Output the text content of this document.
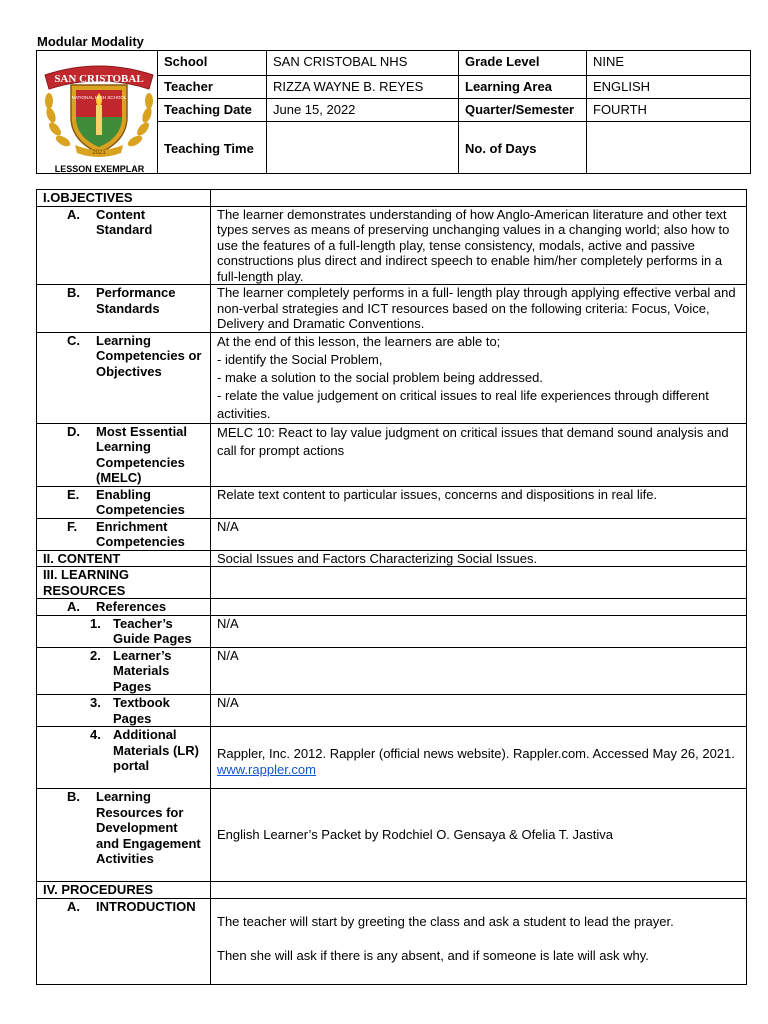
Modular Modality
SAN CRISTOBAL
NATIONAL HIGH SCHOOL
2021
LESSON EXEMPLAR	School	SAN CRISTOBAL NHS	Grade Level	NINE
	Teacher	RIZZA WAYNE B. REYES	Learning Area	ENGLISH
	Teaching Date	June 15, 2022	Quarter/Semester	FOURTH
	Teaching Time		No. of Days	
I.OBJECTIVES	

A. Content Standard	The learner demonstrates understanding of how Anglo-American literature and other text types serves as means of preserving unchanging values in a changing world; also how to use the features of a full-length play, tense consistency, modals, active and passive constructions plus direct and indirect speech to enable him/her completely performs in a full-length play.

B. Performance Standards	The learner completely performs in a full- length play through applying effective verbal and non-verbal strategies and ICT resources based on the following criteria: Focus, Voice, Delivery and Dramatic Conventions.

C. Learning Competencies or Objectives	At the end of this lesson, the learners are able to;
- identify the Social Problem,
- make a solution to the social problem being addressed.
- relate the value judgement on critical issues to real life experiences through different activities.

D. Most Essential Learning Competencies (MELC)	MELC 10: React to lay value judgment on critical issues that demand sound analysis and call for prompt actions

E. Enabling Competencies	Relate text content to particular issues, concerns and dispositions in real life.

F. Enrichment Competencies	N/A
II. CONTENT	Social Issues and Factors Characterizing Social Issues.
III. LEARNING RESOURCES	

A. References	

1. Teacher’s Guide Pages	N/A

2. Learner’s Materials Pages	N/A

3. Textbook Pages	N/A

4. Additional Materials (LR) portal	Rappler, Inc. 2012. Rappler (official news website). Rappler.com. Accessed May 26, 2021.  www.rappler.com

B. Learning Resources for Development and Engagement Activities	English Learner’s Packet by Rodchiel O. Gensaya & Ofelia T. Jastiva
IV. PROCEDURES	

A. INTRODUCTION	The teacher will start by greeting the class and ask a student to lead the prayer.
Then she will ask if there is any absent, and if someone is late will ask why.
